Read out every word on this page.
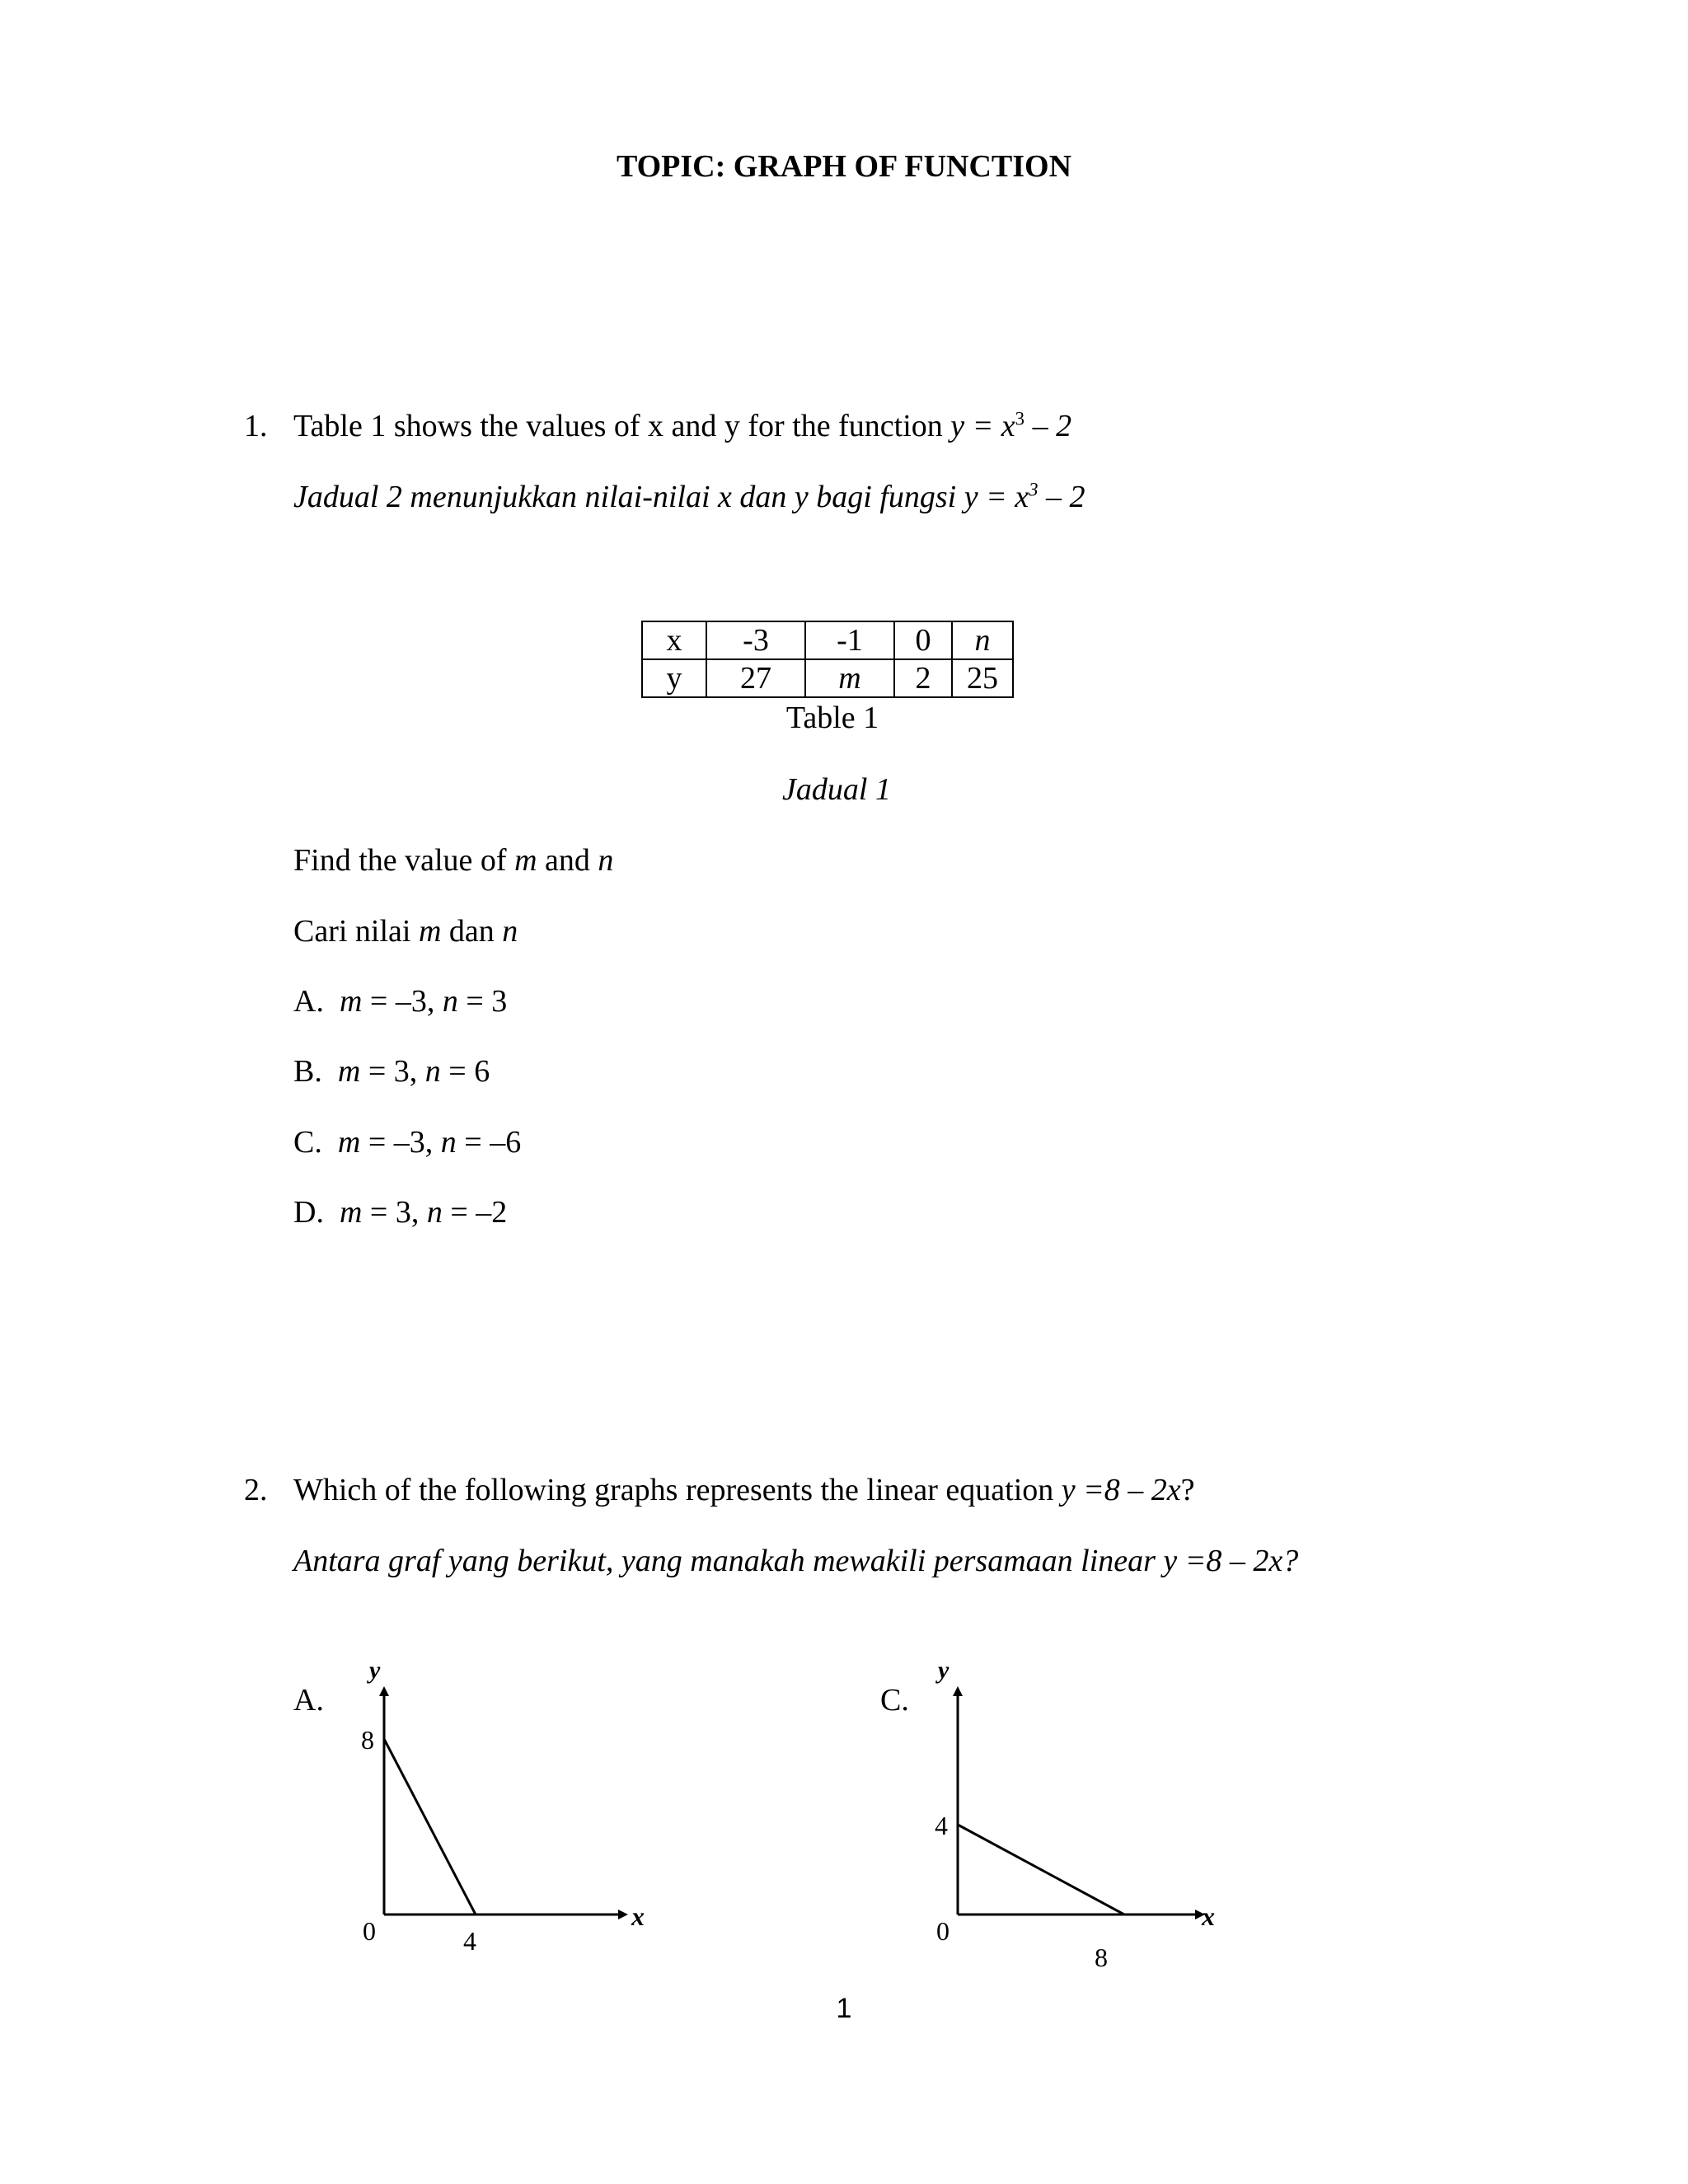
TOPIC: GRAPH OF FUNCTION
1. Table 1 shows the values of x and y for the function $y = x^3 - 2$
Jadual 2 menunjukkan nilai-nilai x dan y bagi fungsi $y = x^3 - 2$
x	-3	-1	0	n
y	27	m	2	25
Table 1
Jadual 1
Find the value of m and n
Cari nilai m dan n
A. m = –3, n = 3
B. m = 3, n = 6
C. m = –3, n = –6
D. m = 3, n = –2
2. Which of the following graphs represents the linear equation y =8 – 2x?
Antara graf yang berikut, yang manakah mewakili persamaan linear y =8 – 2x?
A.
y
x
8
0	4
C.
y
x
4
0
8
1
